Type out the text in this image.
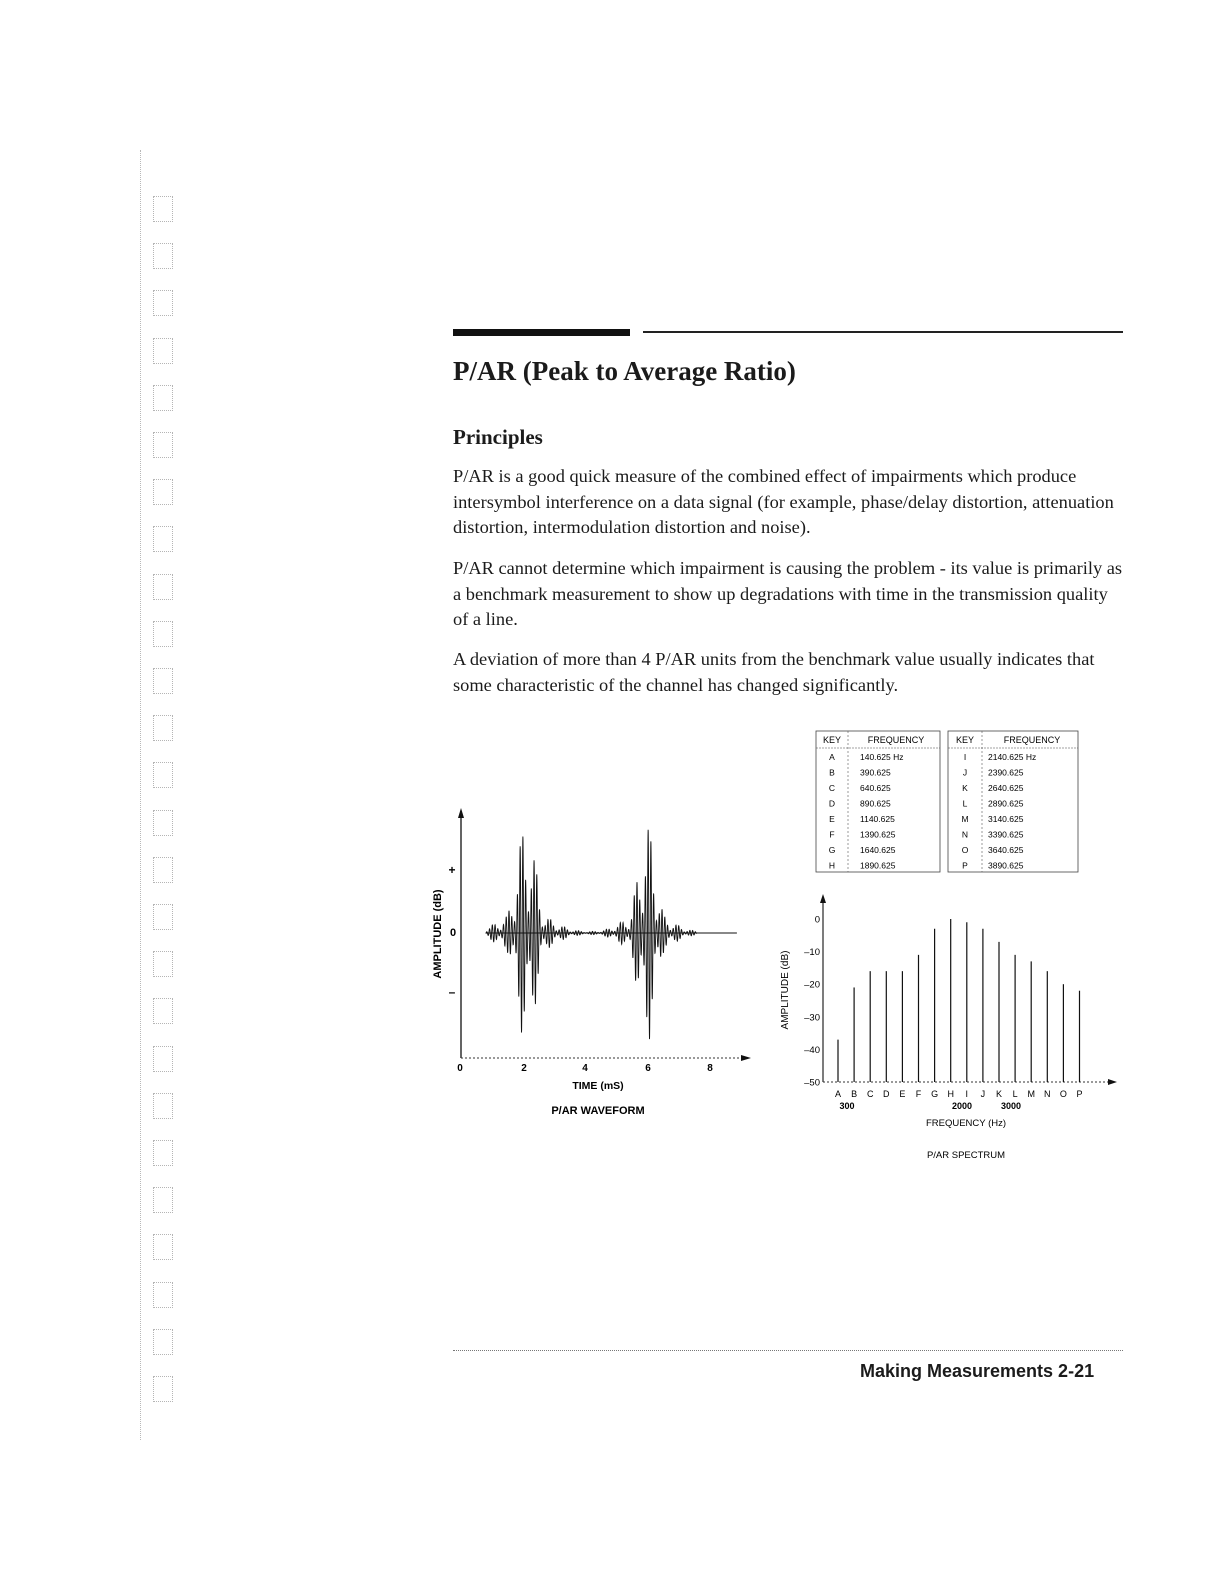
P/AR (Peak to Average Ratio)
Principles

P/AR is a good quick measure of the combined effect of impairments which produce intersymbol interference on a data signal (for example, phase/delay distortion, attenuation distortion, intermodulation distortion and noise).

P/AR cannot determine which impairment is causing the problem - its value is primarily as a benchmark measurement to show up degradations with time in the transmission quality of a line.

A deviation of more than 4 P/AR units from the benchmark value usually indicates that some characteristic of the channel has changed significantly.

AMPLITUDE (dB)
+
0
–
0	2	4	6	8
TIME (mS)
P/AR WAVEFORM
KEY	FREQUENCY	KEY	FREQUENCY
A	140.625 Hz
B	390.625
C	640.625
D	890.625
E	1140.625
F	1390.625
G	1640.625
H	1890.625
I	2140.625 Hz
J 2390.625
K 2640.625
L 2890.625
M 3140.625
N 3390.625
O 3640.625
P 3890.625
AMPLITUDE (dB)
0
–10
–20
–30
–40
–50
A B C D E F G H I J K L M N O P
300	2000	3000
FREQUENCY (Hz)
P/AR SPECTRUM
Making Measurements 2-21
